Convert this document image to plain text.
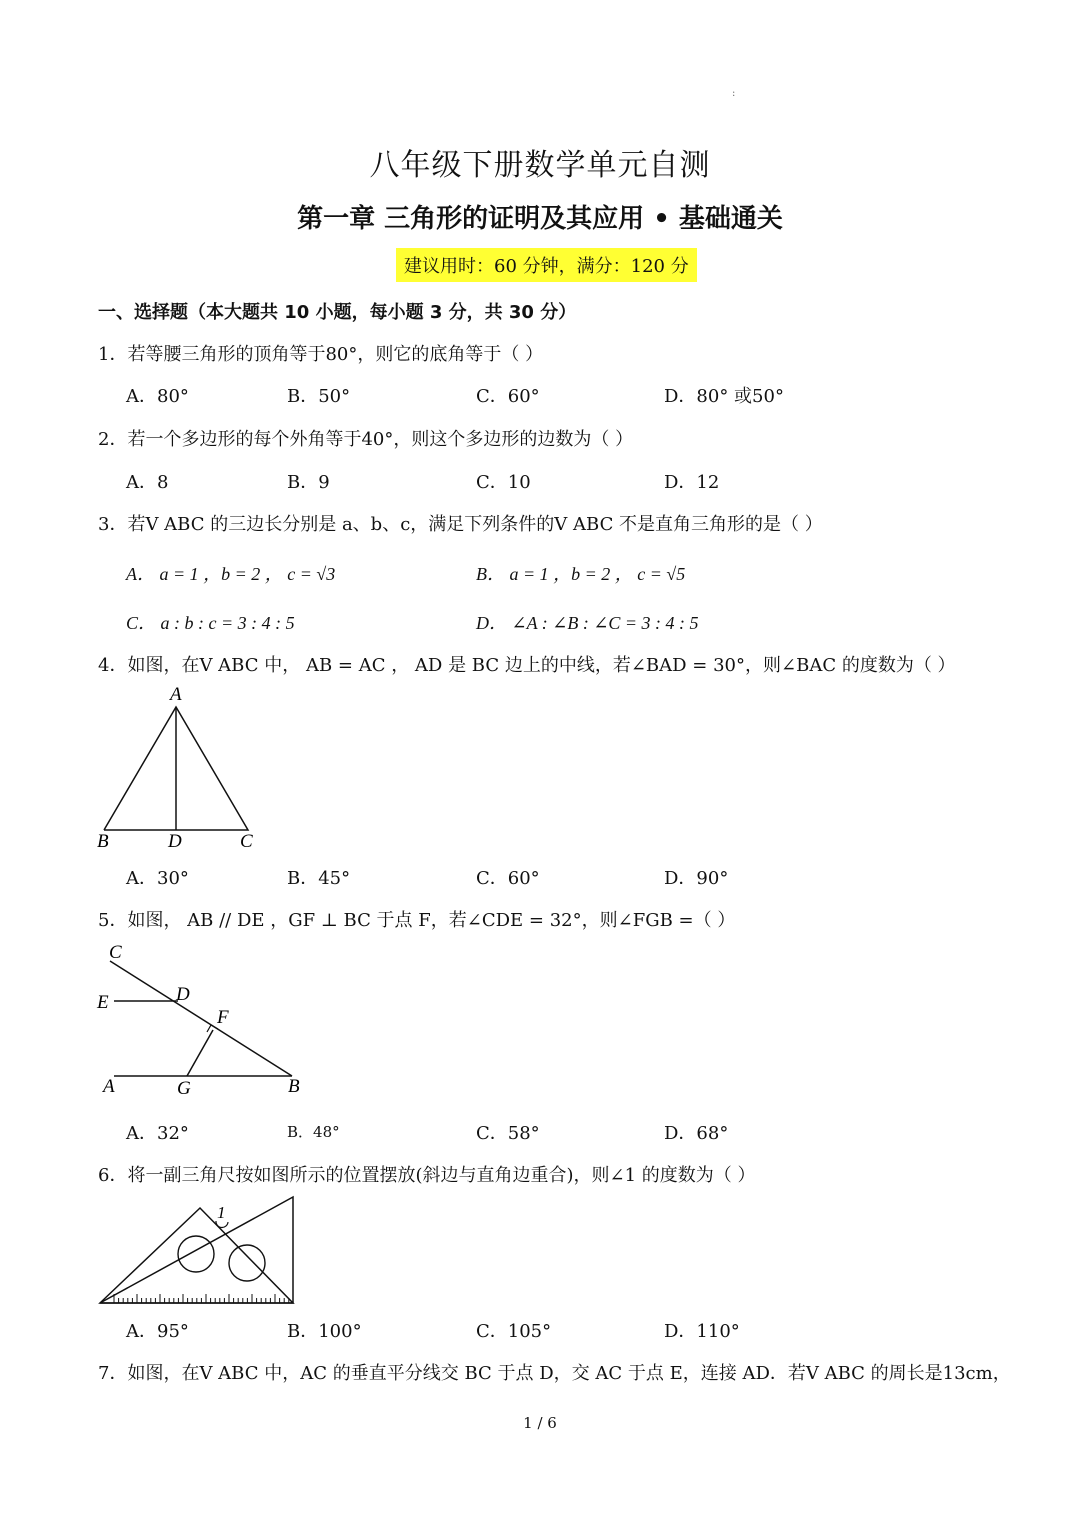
:
八年级下册数学单元自测
第一章 三角形的证明及其应用 • 基础通关
建议用时：60 分钟，满分：120 分
一、选择题（本大题共 10 小题，每小题 3 分，共 30 分）
1．若等腰三角形的顶角等于80°，则它的底角等于（ ）
A．80°	B．50°	C．60°	D．80° 或50°
2．若一个多边形的每个外角等于40°，则这个多边形的边数为（ ）
A．8	B．9	C．10	D．12
3．若V ABC 的三边长分别是 a、b、c，满足下列条件的V ABC 不是直角三角形的是（ ）
A． a = 1 ，b = 2 ， c = √3	B． a = 1 ，b = 2 ， c = √5
C． a : b : c = 3 : 4 : 5	D． ∠A : ∠B : ∠C = 3 : 4 : 5
4．如图，在V ABC 中， AB = AC ， AD 是 BC 边上的中线，若∠BAD = 30°，则∠BAC 的度数为（ ）
A
B	D	C
A．30°	B．45°	C．60°	D．90°
5．如图， AB // DE ，GF ⊥ BC 于点 F，若∠CDE = 32°，则∠FGB =（ ）
C
E	D
F
A	G	B
A．32°	B．48°	C．58°	D．68°
6．将一副三角尺按如图所示的位置摆放(斜边与直角边重合)，则∠1 的度数为（ ）
1
A．95°	B．100°	C．105°	D．110°
7．如图，在V ABC 中，AC 的垂直平分线交 BC 于点 D，交 AC 于点 E，连接 AD．若V ABC 的周长是13cm，
1 / 6
